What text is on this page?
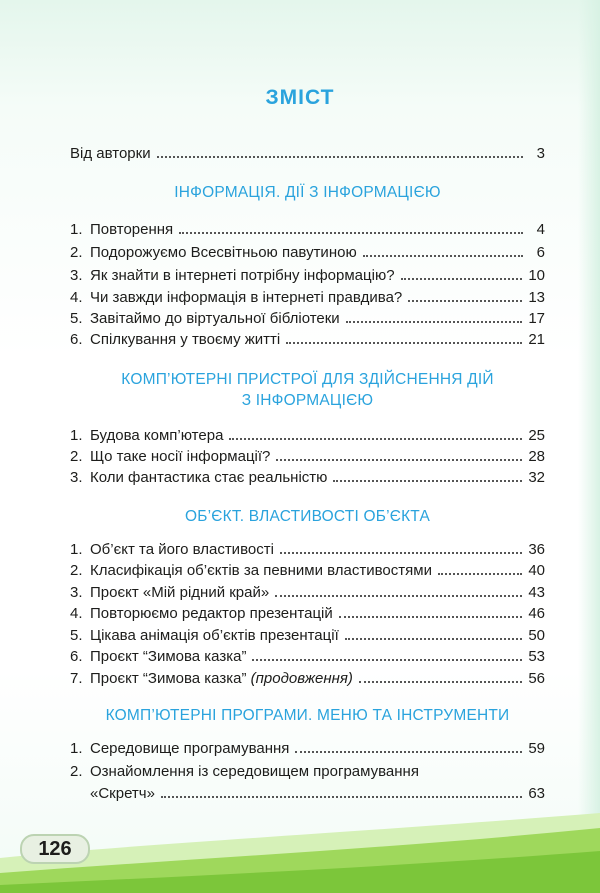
ЗМІСТ
Від авторки	3
ІНФОРМАЦІЯ. ДІЇ З ІНФОРМАЦІЄЮ
1. Повторення	4
2. Подорожуємо Всесвітньою павутиною	6
3. Як знайти в інтернеті потрібну інформацію?	10
4. Чи завжди інформація в інтернеті правдива?	13
5. Завітаймо до віртуальної бібліотеки	17
6. Спілкування у твоєму житті	21
КОМП’ЮТЕРНІ ПРИСТРОЇ ДЛЯ ЗДІЙСНЕННЯ ДІЙ
З ІНФОРМАЦІЄЮ
1. Будова комп’ютера	25
2. Що таке носії інформації?	28
3. Коли фантастика стає реальністю	32
ОБ’ЄКТ. ВЛАСТИВОСТІ ОБ’ЄКТА
1. Об’єкт та його властивості	36
2. Класифікація об’єктів за певними властивостями	40
3. Проєкт «Мій рідний край»	43
4. Повторюємо редактор презентацій	46
5. Цікава анімація об’єктів презентації	50
6. Проєкт “Зимова казка”	53
7. Проєкт “Зимова казка” (продовження)	56
КОМП’ЮТЕРНІ ПРОГРАМИ. МЕНЮ ТА ІНСТРУМЕНТИ
1. Середовище програмування	59
2. Ознайомлення із середовищем програмування
«Скретч»	63
126
